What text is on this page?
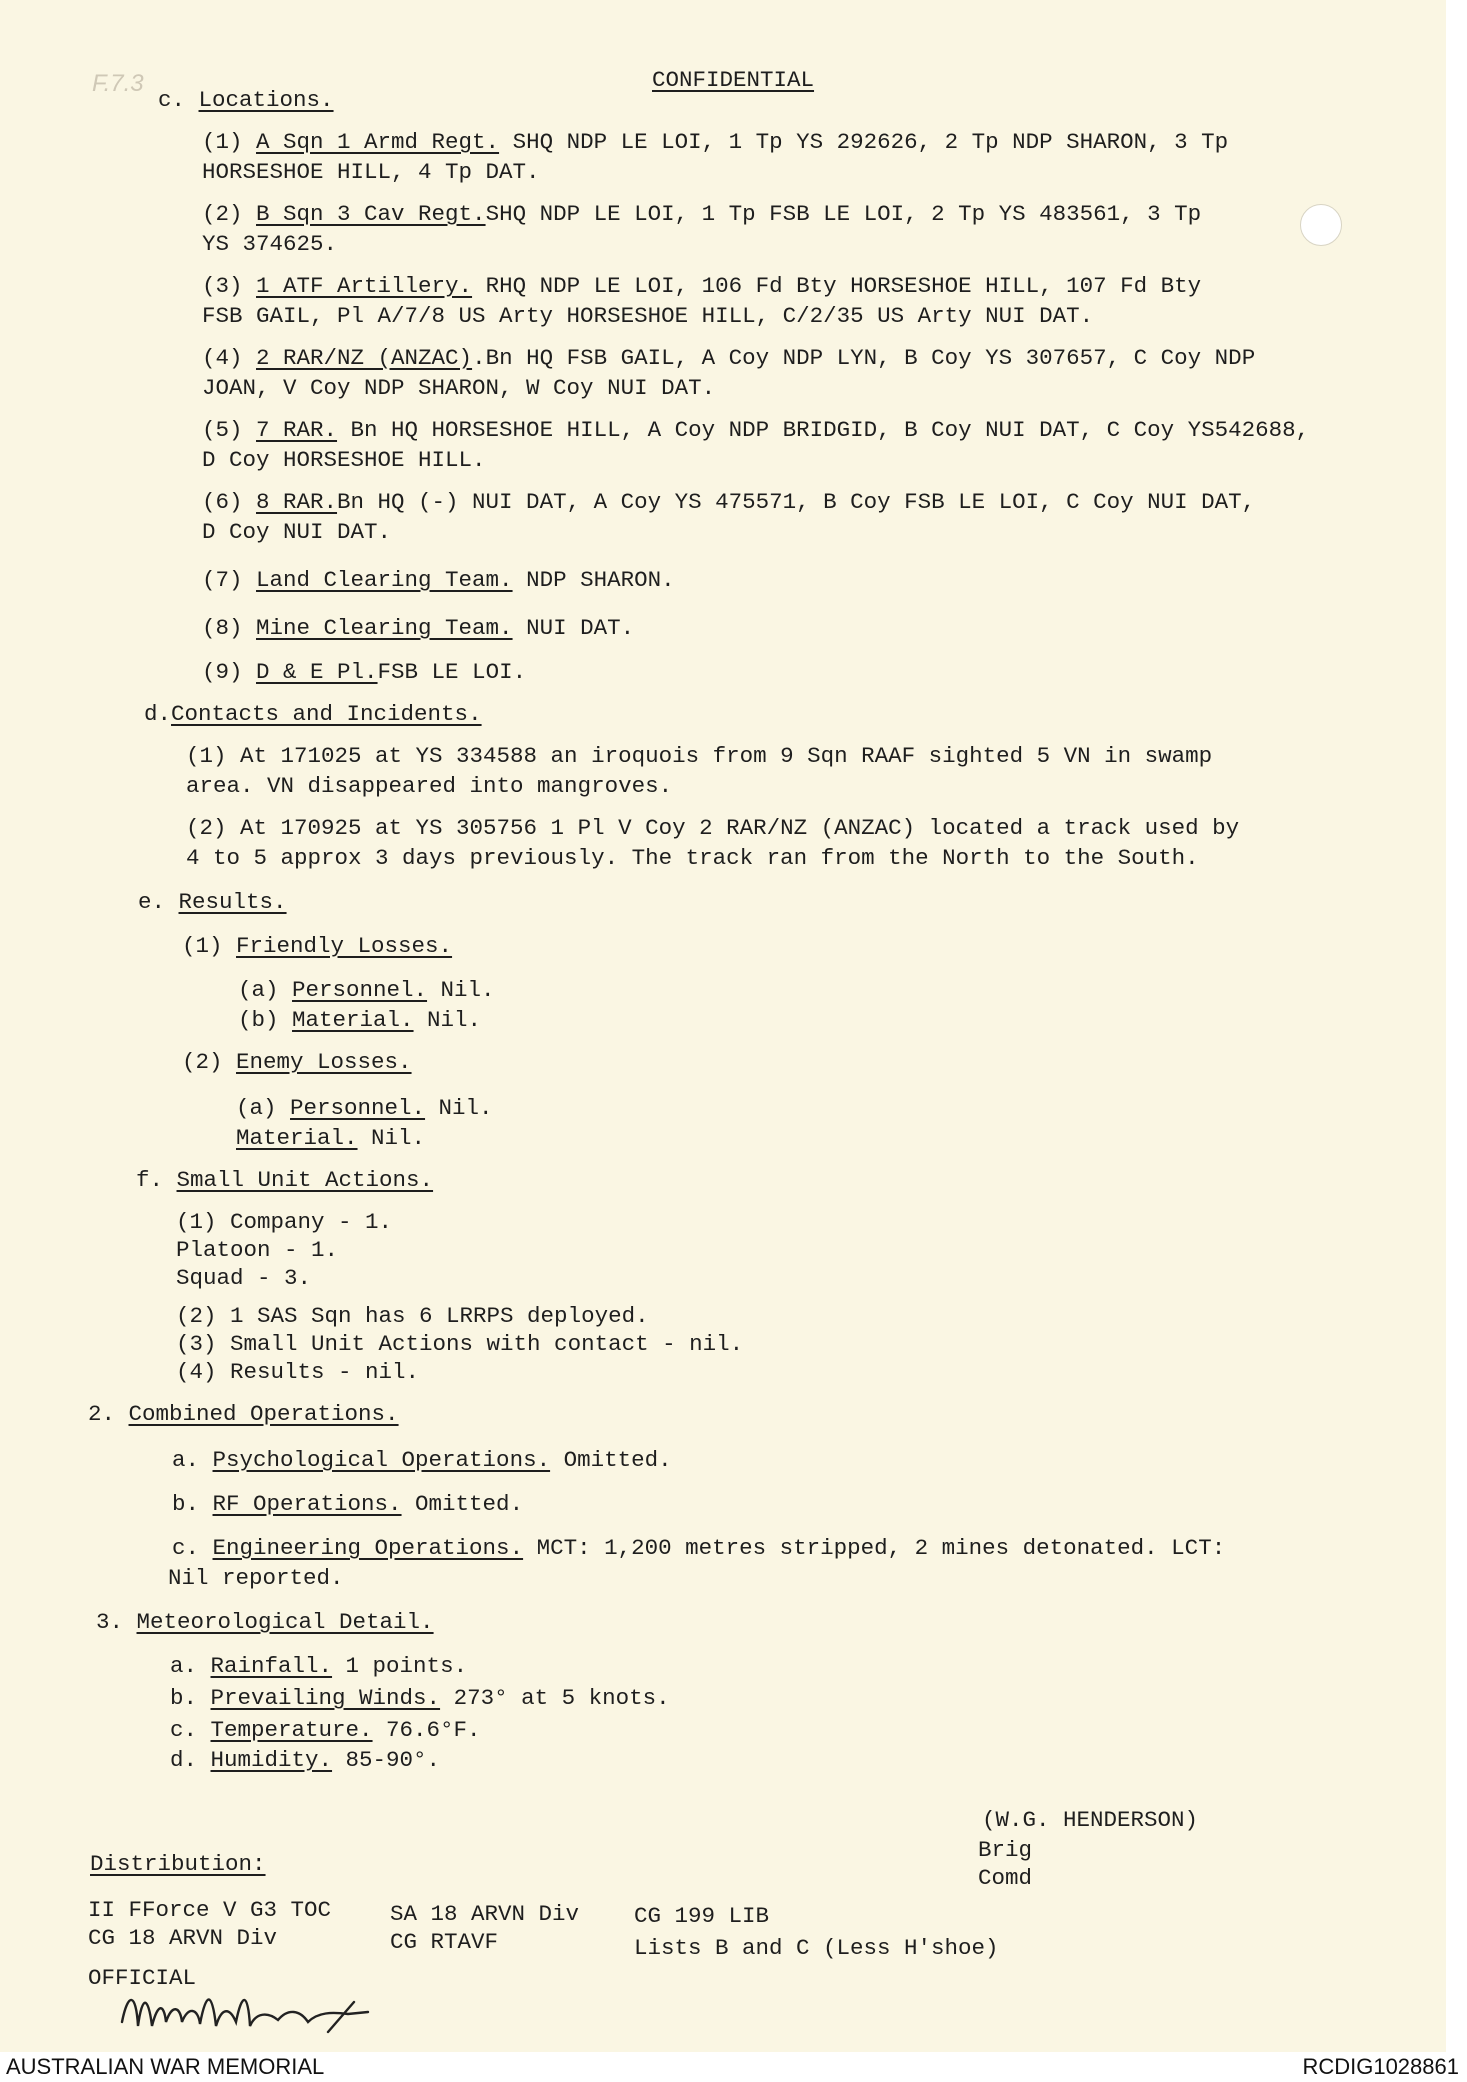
F.7.3	CONFIDENTIAL
c. Locations.
(1) A Sqn 1 Armd Regt. SHQ NDP LE LOI, 1 Tp YS 292626, 2 Tp NDP SHARON, 3 Tp
HORSESHOE HILL, 4 Tp DAT.
(2) B Sqn 3 Cav Regt.SHQ NDP LE LOI, 1 Tp FSB LE LOI, 2 Tp YS 483561, 3 Tp
YS 374625.
(3) 1 ATF Artillery. RHQ NDP LE LOI, 106 Fd Bty HORSESHOE HILL, 107 Fd Bty
FSB GAIL, Pl A/7/8 US Arty HORSESHOE HILL, C/2/35 US Arty NUI DAT.
(4) 2 RAR/NZ (ANZAC).Bn HQ FSB GAIL, A Coy NDP LYN, B Coy YS 307657, C Coy NDP
JOAN, V Coy NDP SHARON, W Coy NUI DAT.
(5) 7 RAR. Bn HQ HORSESHOE HILL, A Coy NDP BRIDGID, B Coy NUI DAT, C Coy YS542688,
D Coy HORSESHOE HILL.
(6) 8 RAR.Bn HQ (-) NUI DAT, A Coy YS 475571, B Coy FSB LE LOI, C Coy NUI DAT,
D Coy NUI DAT.
(7) Land Clearing Team. NDP SHARON.
(8) Mine Clearing Team. NUI DAT.
(9) D & E Pl.FSB LE LOI.
d.Contacts and Incidents.
(1) At 171025 at YS 334588 an iroquois from 9 Sqn RAAF sighted 5 VN in swamp
area. VN disappeared into mangroves.
(2) At 170925 at YS 305756 1 Pl V Coy 2 RAR/NZ (ANZAC) located a track used by
4 to 5 approx 3 days previously. The track ran from the North to the South.
e. Results.
(1) Friendly Losses.
(a) Personnel. Nil.
(b) Material. Nil.
(2) Enemy Losses.
(a) Personnel. Nil.
Material. Nil.
f. Small Unit Actions.
(1) Company - 1.
Platoon - 1.
Squad - 3.
(2) 1 SAS Sqn has 6 LRRPS deployed.
(3) Small Unit Actions with contact - nil.
(4) Results - nil.
2. Combined Operations.
a. Psychological Operations. Omitted.
b. RF Operations. Omitted.
c. Engineering Operations. MCT: 1,200 metres stripped, 2 mines detonated. LCT:
Nil reported.
3. Meteorological Detail.
a. Rainfall. 1 points.
b. Prevailing Winds. 273° at 5 knots.
c. Temperature. 76.6°F.
d. Humidity. 85-90°.
(W.G. HENDERSON)
Brig
Comd
Distribution:
II FForce V G3 TOC
CG 18 ARVN Div
SA 18 ARVN Div
CG RTAVF
CG 199 LIB
Lists B and C (Less H'shoe)
OFFICIAL
AUSTRALIAN WAR MEMORIAL	RCDIG1028861
